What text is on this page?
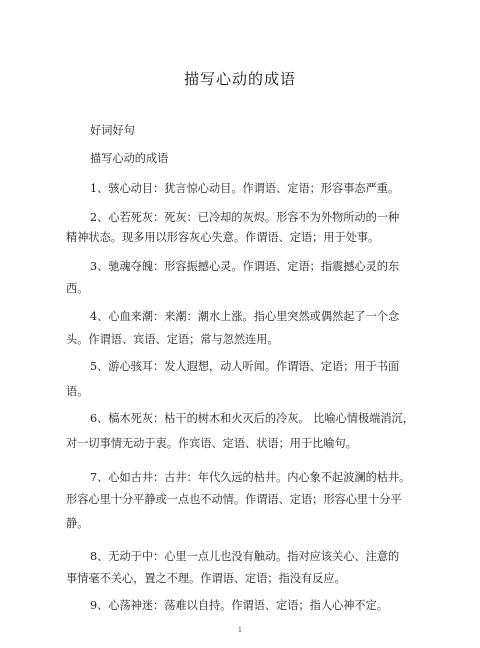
描写心动的成语
好词好句
描写心动的成语
1、骇心动目：犹言惊心动目。作谓语、定语；形容事态严重。
2、心若死灰：死灰：已冷却的灰烬。形容不为外物所动的一种
精神状态。现多用以形容灰心失意。作谓语、定语；用于处事。
3、驰魂夺魄：形容振撼心灵。作谓语、定语；指震撼心灵的东
西。
4、心血来潮：来潮：潮水上涨。指心里突然或偶然起了一个念
头。作谓语、宾语、定语；常与忽然连用。
5、游心骇耳：发人遐想，动人听闻。作谓语、定语；用于书面
语。
6、槁木死灰：枯干的树木和火灭后的冷灰。 比喻心情极端消沉，
对一切事情无动于衷。作宾语、定语、状语；用于比喻句。
7、心如古井：古井：年代久远的枯井。内心象不起波澜的枯井。
形容心里十分平静或一点也不动情。作谓语、定语；形容心里十分平
静。
8、无动于中：心里一点儿也没有触动。指对应该关心、注意的
事情毫不关心，置之不理。作谓语、定语；指没有反应。
9、心荡神迷：荡难以自持。作谓语、定语；指人心神不定。
1
